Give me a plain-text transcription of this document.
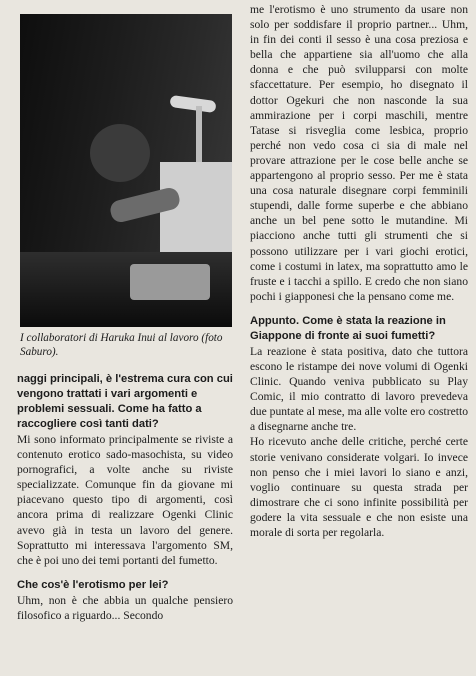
I collaboratori di Haruka Inui al lavoro (foto Saburo).

naggi principali, è l'estrema cura con cui vengono trattati i vari argomenti e problemi sessuali. Come ha fatto a raccogliere così tanti dati?

Mi sono informato principalmente se riviste a contenuto erotico sado-masochista, su video pornografici, a volte anche su riviste specializzate. Comunque fin da giovane mi piacevano questo tipo di argomenti, così ancora prima di realizzare Ogenki Clinic avevo già in testa un lavoro del genere. Soprattutto mi interessava l'argomento SM, che è poi uno dei temi portanti del fumetto.

Che cos'è l'erotismo per lei?

Uhm, non è che abbia un qualche pensiero filosofico a riguardo... Secondo

me l'erotismo è uno strumento da usare non solo per soddisfare il proprio partner... Uhm, in fin dei conti il sesso è una cosa preziosa e bella che appartiene sia all'uomo che alla donna e che può svilupparsi con molte sfaccettature. Per esempio, ho disegnato il dottor Ogekuri che non nasconde la sua ammirazione per i corpi maschili, mentre Tatase si risveglia come lesbica, proprio perché non vedo cosa ci sia di male nel provare attrazione per le cose belle anche se appartengono al proprio sesso. Per me è stata una cosa naturale disegnare corpi femminili stupendi, dalle forme superbe e che abbiano anche un bel pene sotto le mutandine. Mi piacciono anche tutti gli strumenti che si possono utilizzare per i vari giochi erotici, come i costumi in latex, ma soprattutto amo le fruste e i tacchi a spillo. E credo che non siano pochi i giapponesi che la pensano come me.

Appunto. Come è stata la reazione in Giappone di fronte ai suoi fumetti?

La reazione è stata positiva, dato che tuttora escono le ristampe dei nove volumi di Ogenki Clinic. Quando veniva pubblicato su Play Comic, il mio contratto di lavoro prevedeva due puntate al mese, ma alle volte ero costretto a disegnarne anche tre.

Ho ricevuto anche delle critiche, perché certe storie venivano considerate volgari. Io invece non penso che i miei lavori lo siano e anzi, voglio continuare su questa strada per dimostrare che ci sono infinite possibilità per godere la vita sessuale e che non esiste una morale di sorta per regolarla.
